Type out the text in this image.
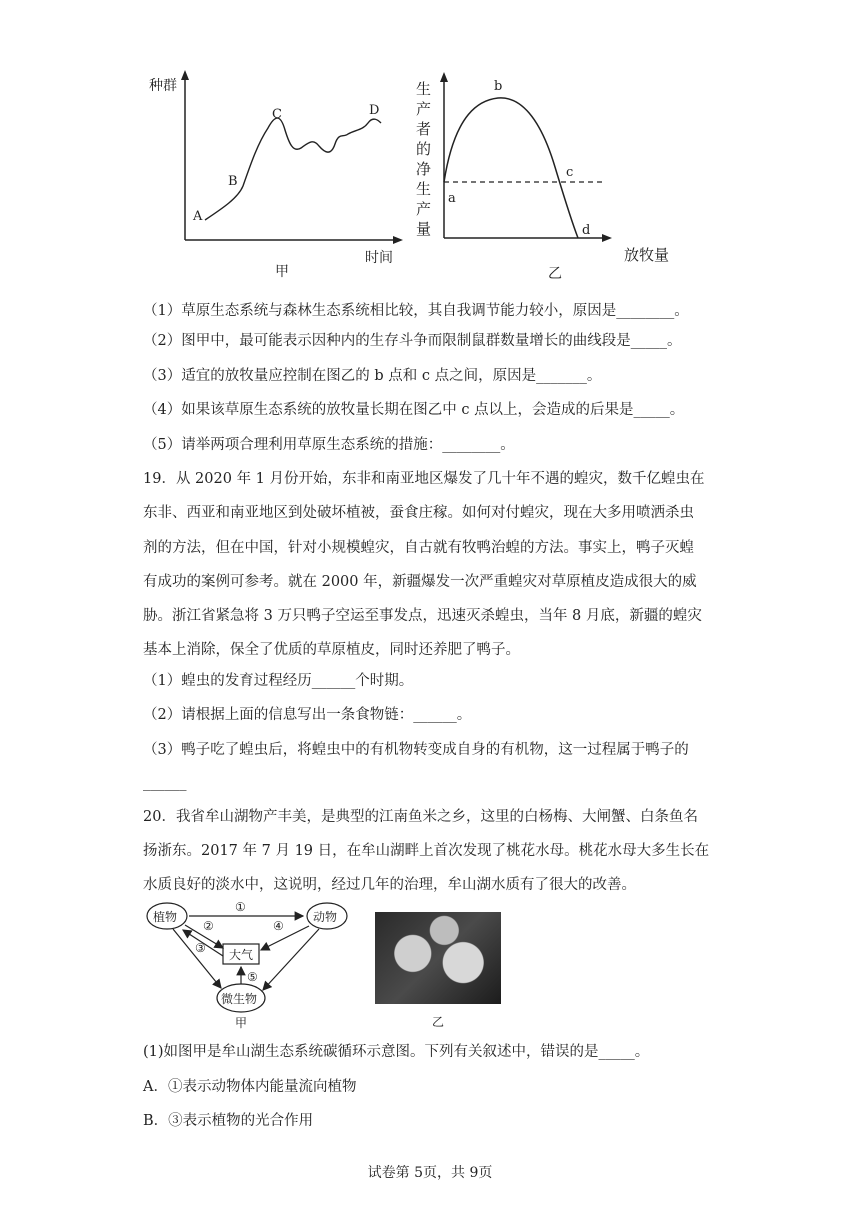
种群
时间
A
B
C	D
甲
生
产
者
的
净
生
产
量
a
b
c
d
放牧量
乙
（1）草原生态系统与森林生态系统相比较，其自我调节能力较小，原因是________。
（2）图甲中，最可能表示因种内的生存斗争而限制鼠群数量增长的曲线段是_____。
（3）适宜的放牧量应控制在图乙的 b 点和 c 点之间，原因是_______。
（4）如果该草原生态系统的放牧量长期在图乙中 c 点以上，会造成的后果是_____。
（5）请举两项合理利用草原生态系统的措施：________。
19．从 2020 年 1 月份开始，东非和南亚地区爆发了几十年不遇的蝗灾，数千亿蝗虫在
东非、西亚和南亚地区到处破坏植被，蚕食庄稼。如何对付蝗灾，现在大多用喷洒杀虫
剂的方法，但在中国，针对小规模蝗灾，自古就有牧鸭治蝗的方法。事实上，鸭子灭蝗
有成功的案例可参考。就在 2000 年，新疆爆发一次严重蝗灾对草原植皮造成很大的威
胁。浙江省紧急将 3 万只鸭子空运至事发点，迅速灭杀蝗虫，当年 8 月底，新疆的蝗灾
基本上消除，保全了优质的草原植皮，同时还养肥了鸭子。
（1）蝗虫的发育过程经历______个时期。
（2）请根据上面的信息写出一条食物链：______。
（3）鸭子吃了蝗虫后，将蝗虫中的有机物转变成自身的有机物，这一过程属于鸭子的
______
20．我省牟山湖物产丰美，是典型的江南鱼米之乡，这里的白杨梅、大闸蟹、白条鱼名
扬浙东。2017 年 7 月 19 日，在牟山湖畔上首次发现了桃花水母。桃花水母大多生长在
水质良好的淡水中，这说明，经过几年的治理，牟山湖水质有了很大的改善。
植物	动物
大气
微生物
①
②
③
④
⑤
甲	乙
(1)如图甲是牟山湖生态系统碳循环示意图。下列有关叙述中，错误的是_____。
A．①表示动物体内能量流向植物
B．③表示植物的光合作用
试卷第 5页，共 9页
